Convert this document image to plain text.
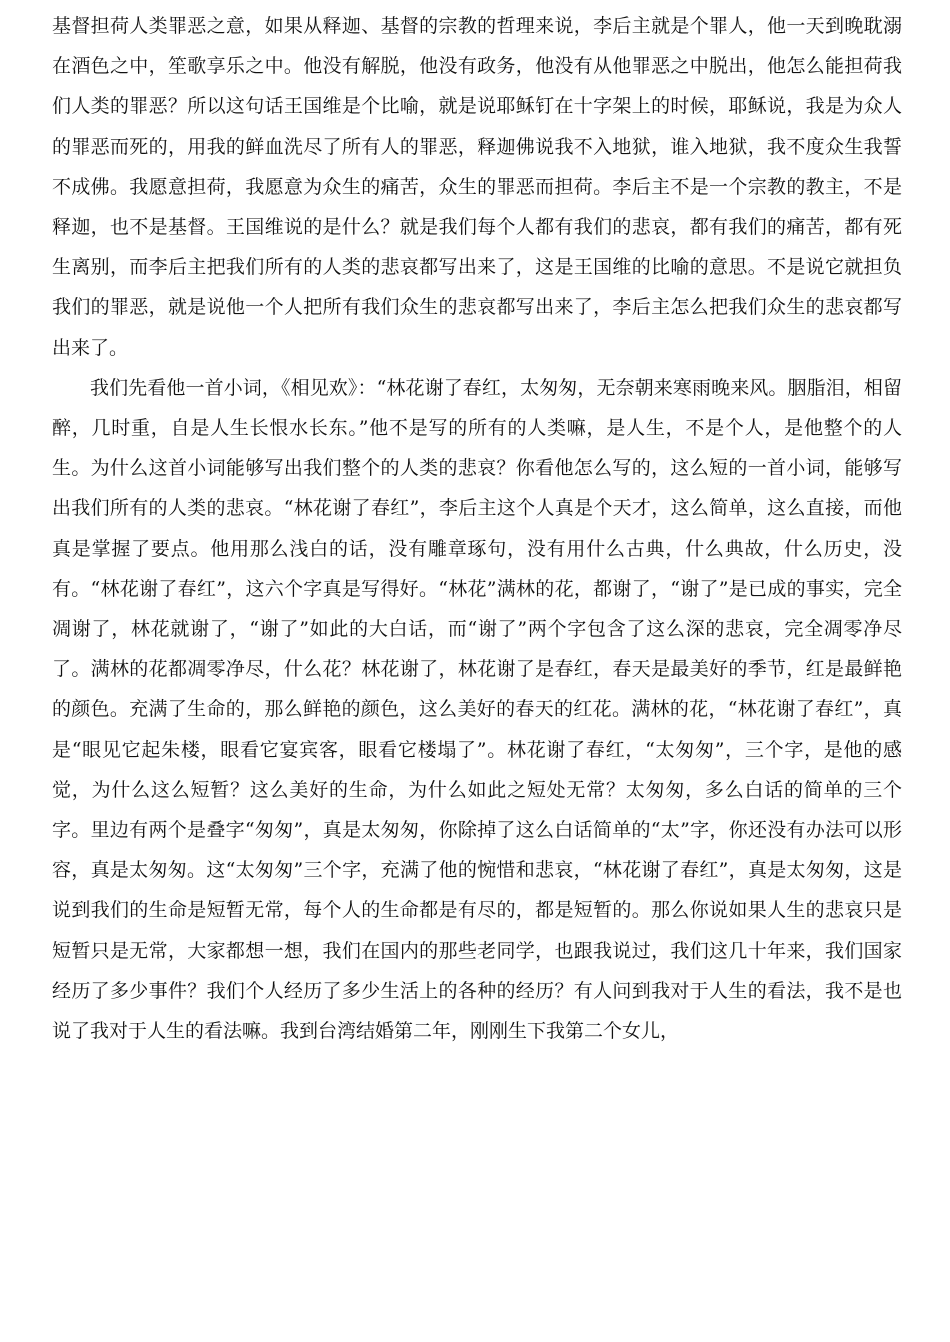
基督担荷人类罪恶之意，如果从释迦、基督的宗教的哲理来说，李后主就是个罪人，他一天到晚耽溺在酒色之中，笙歌享乐之中。他没有解脱，他没有政务，他没有从他罪恶之中脱出，他怎么能担荷我们人类的罪恶？所以这句话王国维是个比喻，就是说耶稣钉在十字架上的时候，耶稣说，我是为众人的罪恶而死的，用我的鲜血洗尽了所有人的罪恶，释迦佛说我不入地狱，谁入地狱，我不度众生我誓不成佛。我愿意担荷，我愿意为众生的痛苦，众生的罪恶而担荷。李后主不是一个宗教的教主，不是释迦，也不是基督。王国维说的是什么？就是我们每个人都有我们的悲哀，都有我们的痛苦，都有死生离别，而李后主把我们所有的人类的悲哀都写出来了，这是王国维的比喻的意思。不是说它就担负我们的罪恶，就是说他一个人把所有我们众生的悲哀都写出来了，李后主怎么把我们众生的悲哀都写出来了。

我们先看他一首小词，《相见欢》：“林花谢了春红，太匆匆，无奈朝来寒雨晚来风。胭脂泪，相留醉，几时重，自是人生长恨水长东。”他不是写的所有的人类嘛，是人生，不是个人，是他整个的人生。为什么这首小词能够写出我们整个的人类的悲哀？你看他怎么写的，这么短的一首小词，能够写出我们所有的人类的悲哀。“林花谢了春红”，李后主这个人真是个天才，这么简单，这么直接，而他真是掌握了要点。他用那么浅白的话，没有雕章琢句，没有用什么古典，什么典故，什么历史，没有。“林花谢了春红”，这六个字真是写得好。“林花”满林的花，都谢了，“谢了”是已成的事实，完全凋谢了，林花就谢了，“谢了”如此的大白话，而“谢了”两个字包含了这么深的悲哀，完全凋零净尽了。满林的花都凋零净尽，什么花？林花谢了，林花谢了是春红，春天是最美好的季节，红是最鲜艳的颜色。充满了生命的，那么鲜艳的颜色，这么美好的春天的红花。满林的花，“林花谢了春红”，真是“眼见它起朱楼，眼看它宴宾客，眼看它楼塌了”。林花谢了春红，“太匆匆”，三个字，是他的感觉，为什么这么短暂？这么美好的生命，为什么如此之短处无常？太匆匆，多么白话的简单的三个字。里边有两个是叠字“匆匆”，真是太匆匆，你除掉了这么白话简单的“太”字，你还没有办法可以形容，真是太匆匆。这“太匆匆”三个字，充满了他的惋惜和悲哀，“林花谢了春红”，真是太匆匆，这是说到我们的生命是短暂无常，每个人的生命都是有尽的，都是短暂的。那么你说如果人生的悲哀只是短暂只是无常，大家都想一想，我们在国内的那些老同学，也跟我说过，我们这几十年来，我们国家经历了多少事件？我们个人经历了多少生活上的各种的经历？有人问到我对于人生的看法，我不是也说了我对于人生的看法嘛。我到台湾结婚第二年，刚刚生下我第二个女儿，
